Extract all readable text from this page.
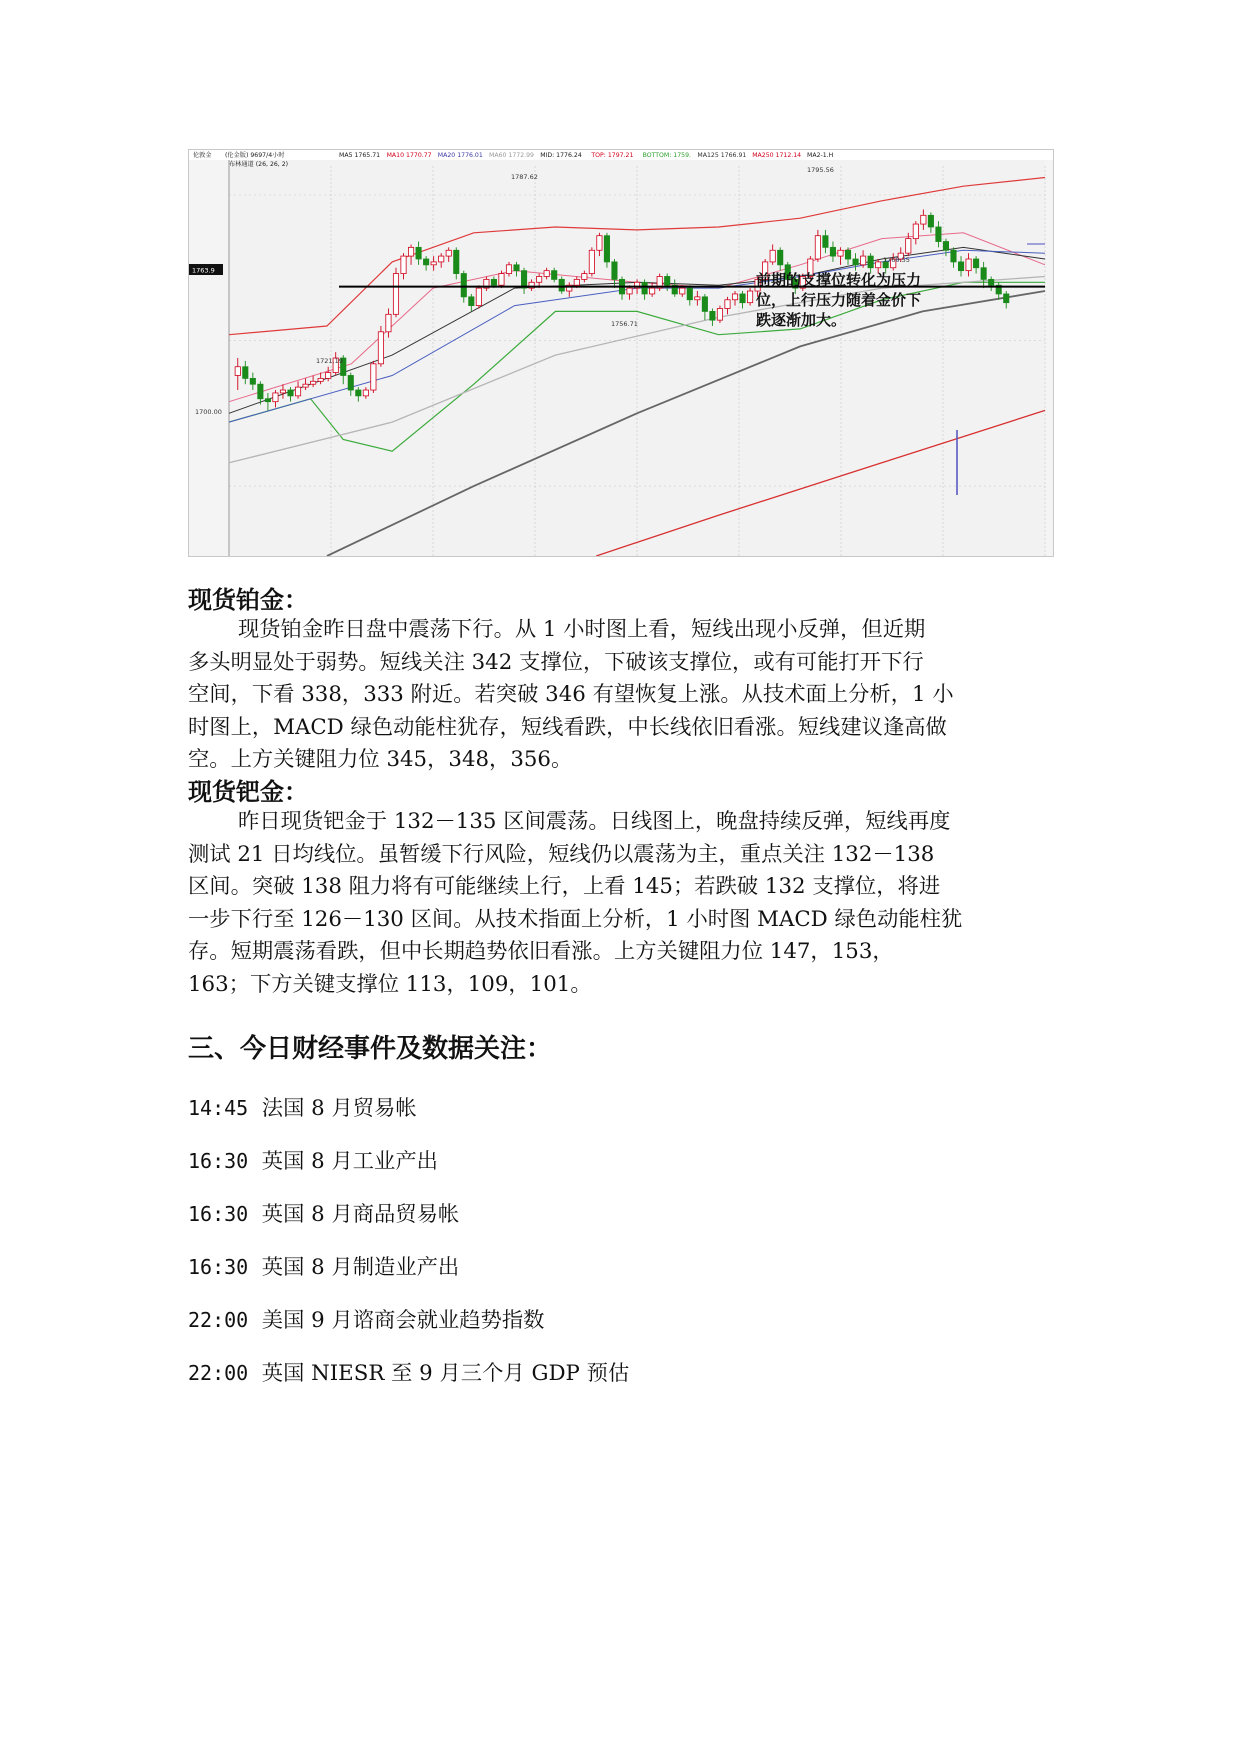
伦敦金 (伦金版) 9697/4小时	MA5 1765.71 MA10 1770.77 MA20 1776.01 MA60 1772.99 MID: 1776.24 TOP: 1797.21 BOTTOM: 1759. MA125 1766.91 MA250 1712.14 MA2-1.H
布林通道 (26, 26, 2)
1763.9
1700.00
1787.62
1721.19
1756.71
1795.56
1760.55
前期的支撑位转化为压力
位，上行压力随着金价下
跌逐渐加大。
现货铂金：
现货铂金昨日盘中震荡下行。从 1 小时图上看，短线出现小反弹，但近期
多头明显处于弱势。短线关注 342 支撑位，下破该支撑位，或有可能打开下行
空间，下看 338，333 附近。若突破 346 有望恢复上涨。从技术面上分析，1 小
时图上，MACD 绿色动能柱犹存，短线看跌，中长线依旧看涨。短线建议逢高做
空。上方关键阻力位 345，348，356。
现货钯金：
昨日现货钯金于 132－135 区间震荡。日线图上，晚盘持续反弹，短线再度
测试 21 日均线位。虽暂缓下行风险，短线仍以震荡为主，重点关注 132－138
区间。突破 138 阻力将有可能继续上行，上看 145；若跌破 132 支撑位，将进
一步下行至 126－130 区间。从技术指面上分析，1 小时图 MACD 绿色动能柱犹
存。短期震荡看跌，但中长期趋势依旧看涨。上方关键阻力位 147，153，
163；下方关键支撑位 113，109，101。
三、今日财经事件及数据关注：
14:45 法国 8 月贸易帐
16:30 英国 8 月工业产出
16:30 英国 8 月商品贸易帐
16:30 英国 8 月制造业产出
22:00 美国 9 月谘商会就业趋势指数
22:00 英国 NIESR 至 9 月三个月 GDP 预估
